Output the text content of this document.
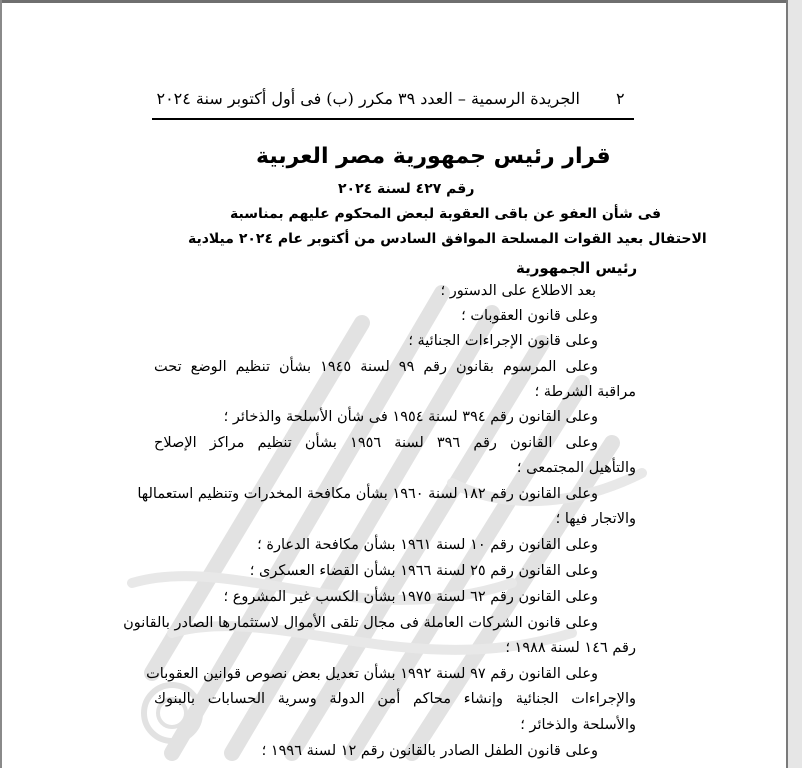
٢
الجريدة الرسمية – العدد ٣٩ مكرر (ب) فى أول أكتوبر سنة ٢٠٢٤
قرار رئيس جمهورية مصر العربية
رقم ٤٢٧ لسنة ٢٠٢٤
فى شأن العفو عن باقى العقوبة لبعض المحكوم عليهم بمناسبة
الاحتفال بعيد القوات المسلحة الموافق السادس من أكتوبر عام ٢٠٢٤ ميلادية
رئيس الجمهورية
بعد الاطلاع على الدستور ؛
وعلى قانون العقوبات ؛
وعلى قانون الإجراءات الجنائية ؛
وعلى المرسوم بقانون رقم ٩٩ لسنة ١٩٤٥ بشأن تنظيم الوضع تحت
مراقبة الشرطة ؛
وعلى القانون رقم ٣٩٤ لسنة ١٩٥٤ فى شأن الأسلحة والذخائر ؛
وعلى القانون رقم ٣٩٦ لسنة ١٩٥٦ بشأن تنظيم مراكز الإصلاح
والتأهيل المجتمعى ؛
وعلى القانون رقم ١٨٢ لسنة ١٩٦٠ بشأن مكافحة المخدرات وتنظيم استعمالها
والاتجار فيها ؛
وعلى القانون رقم ١٠ لسنة ١٩٦١ بشأن مكافحة الدعارة ؛
وعلى القانون رقم ٢٥ لسنة ١٩٦٦ بشأن القضاء العسكرى ؛
وعلى القانون رقم ٦٢ لسنة ١٩٧٥ بشأن الكسب غير المشروع ؛
وعلى قانون الشركات العاملة فى مجال تلقى الأموال لاستثمارها الصادر بالقانون
رقم ١٤٦ لسنة ١٩٨٨ ؛
وعلى القانون رقم ٩٧ لسنة ١٩٩٢ بشأن تعديل بعض نصوص قوانين العقوبات
والإجراءات الجنائية وإنشاء محاكم أمن الدولة وسرية الحسابات بالبنوك
والأسلحة والذخائر ؛
وعلى قانون الطفل الصادر بالقانون رقم ١٢ لسنة ١٩٩٦ ؛
